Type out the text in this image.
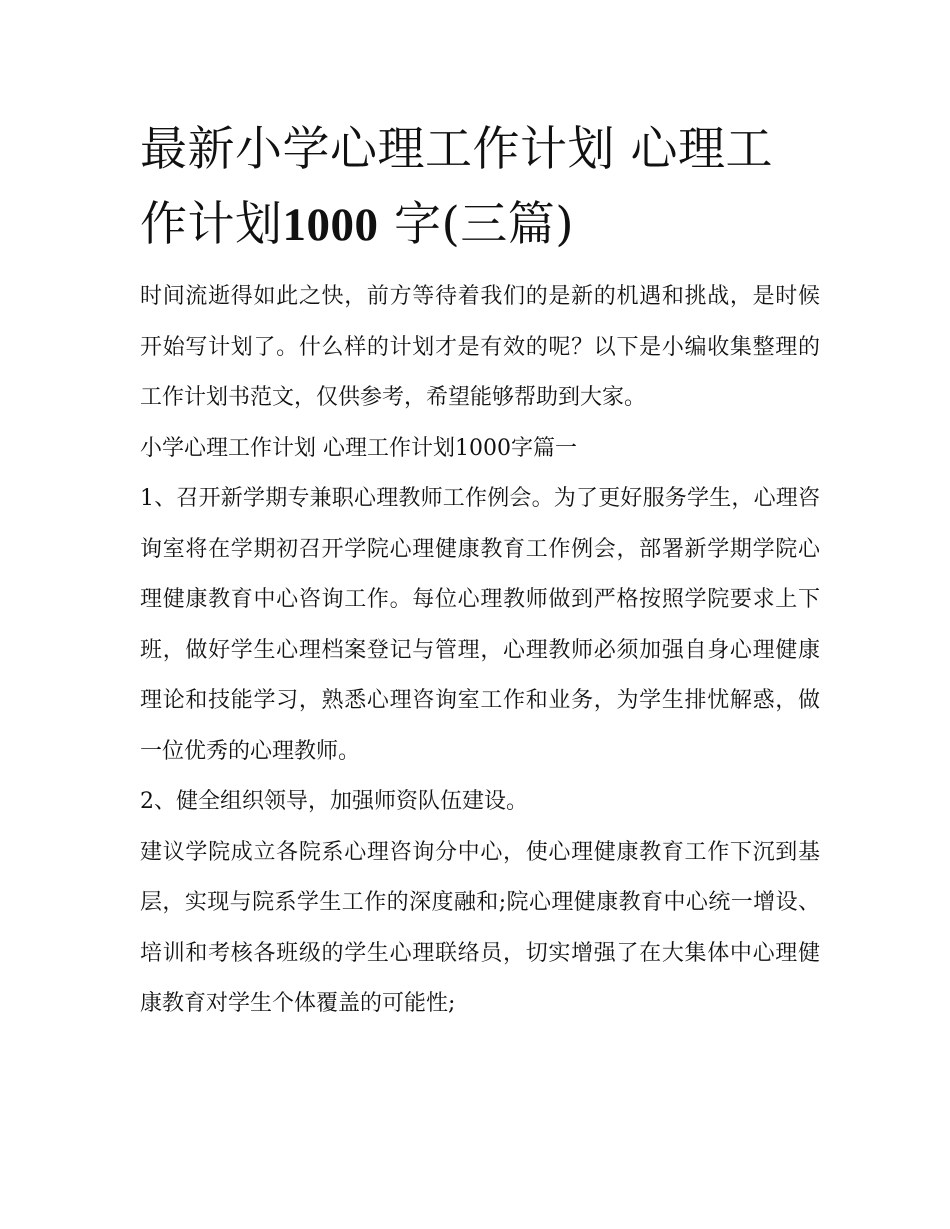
最新小学心理工作计划 心理工
作计划1000 字(三篇)

时间流逝得如此之快，前方等待着我们的是新的机遇和挑战，是时候开始写计划了。什么样的计划才是有效的呢？以下是小编收集整理的工作计划书范文，仅供参考，希望能够帮助到大家。

小学心理工作计划 心理工作计划1000字篇一

1、召开新学期专兼职心理教师工作例会。为了更好服务学生，心理咨询室将在学期初召开学院心理健康教育工作例会，部署新学期学院心理健康教育中心咨询工作。每位心理教师做到严格按照学院要求上下班，做好学生心理档案登记与管理，心理教师必须加强自身心理健康理论和技能学习，熟悉心理咨询室工作和业务，为学生排忧解惑，做一位优秀的心理教师。

2、健全组织领导，加强师资队伍建设。

建议学院成立各院系心理咨询分中心，使心理健康教育工作下沉到基层，实现与院系学生工作的深度融和;院心理健康教育中心统一增设、培训和考核各班级的学生心理联络员，切实增强了在大集体中心理健康教育对学生个体覆盖的可能性;
